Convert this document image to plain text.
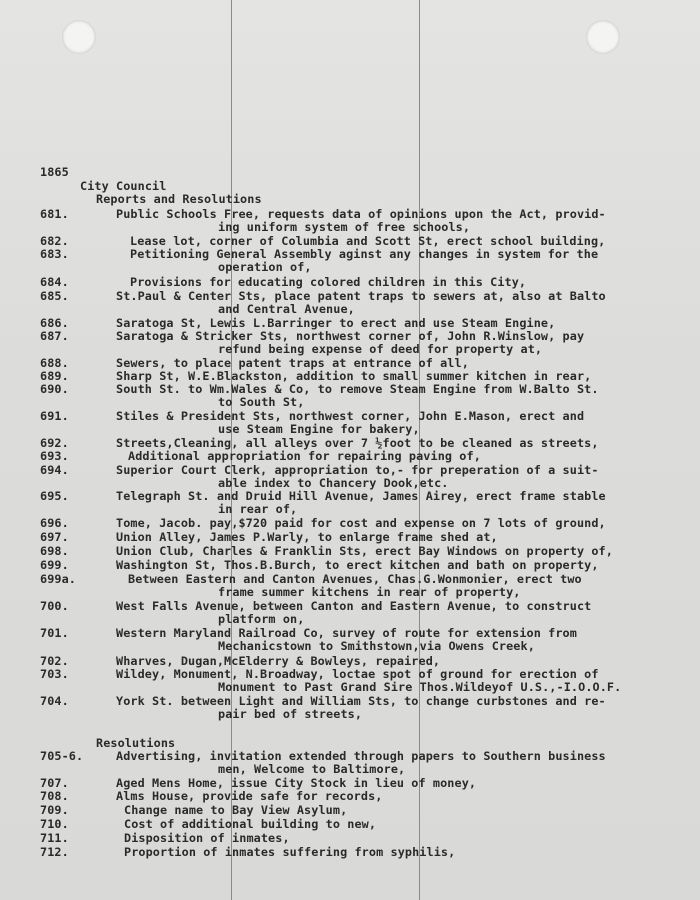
1865
City Council
Reports and Resolutions
Resolutions
681.	Public Schools Free, requests data of opinions upon the Act, provid-
ing uniform system of free schools,
682.	Lease lot, corner of Columbia and Scott St, erect school building,
683.	Petitioning General Assembly aginst any changes in system for the
operation of,
684.	Provisions for educating colored children in this City,
685.	St.Paul & Center Sts, place patent traps to sewers at, also at Balto
and Central Avenue,
686.	Saratoga St, Lewis L.Barringer to erect and use Steam Engine,
687.	Saratoga & Stricker Sts, northwest corner of, John R.Winslow, pay
refund being expense of deed for property at,
688.	Sewers, to place patent traps at entrance of all,
689.	Sharp St, W.E.Blackston, addition to small summer kitchen in rear,
690.	South St. to Wm.Wales & Co, to remove Steam Engine from W.Balto St.
to South St,
691.	Stiles & President Sts, northwest corner, John E.Mason, erect and
use Steam Engine for bakery,
692.	Streets,Cleaning, all alleys over 7 ½foot to be cleaned as streets,
693.	Additional appropriation for repairing paving of,
694.	Superior Court Clerk, appropriation to,- for preperation of a suit-
able index to Chancery Dook,etc.
695.	Telegraph St. and Druid Hill Avenue, James Airey, erect frame stable
in rear of,
696.	Tome, Jacob. pay,$720 paid for cost and expense on 7 lots of ground,
697.	Union Alley, James P.Warly, to enlarge frame shed at,
698.	Union Club, Charles & Franklin Sts, erect Bay Windows on property of,
699.	Washington St, Thos.B.Burch, to erect kitchen and bath on property,
699a.	Between Eastern and Canton Avenues, Chas.G.Wonmonier, erect two
frame summer kitchens in rear of property,
700.	West Falls Avenue, between Canton and Eastern Avenue, to construct
platform on,
701.	Western Maryland Railroad Co, survey of route for extension from
Mechanicstown to Smithstown,via Owens Creek,
702.	Wharves, Dugan,McElderry & Bowleys, repaired,
703.	Wildey, Monument, N.Broadway, loctae spot of ground for erection of
Monument to Past Grand Sire Thos.Wildeyof U.S.,-I.O.O.F.
704.	York St. between Light and William Sts, to change curbstones and re-
pair bed of streets,
705-6.	Advertising, invitation extended through papers to Southern business
men, Welcome to Baltimore,
707.	Aged Mens Home, issue City Stock in lieu of money,
708.	Alms House, provide safe for records,
709.	Change name to Bay View Asylum,
710.	Cost of additional building to new,
711.	Disposition of inmates,
712.	Proportion of inmates suffering from syphilis,
